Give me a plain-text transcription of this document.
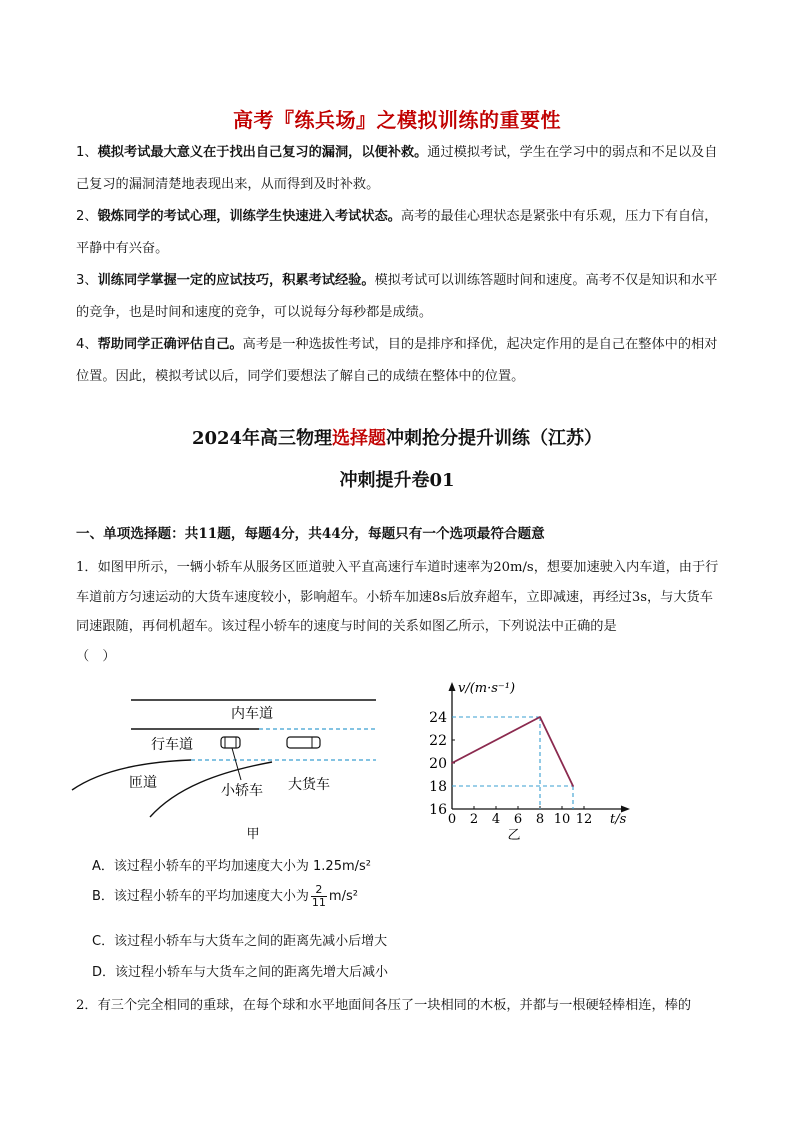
高考『练兵场』之模拟训练的重要性
1、模拟考试最大意义在于找出自己复习的漏洞，以便补救。通过模拟考试，学生在学习中的弱点和不足以及自己复习的漏洞清楚地表现出来，从而得到及时补救。
2、锻炼同学的考试心理，训练学生快速进入考试状态。高考的最佳心理状态是紧张中有乐观，压力下有自信，平静中有兴奋。
3、训练同学掌握一定的应试技巧，积累考试经验。模拟考试可以训练答题时间和速度。高考不仅是知识和水平的竞争，也是时间和速度的竞争，可以说每分每秒都是成绩。
4、帮助同学正确评估自己。高考是一种选拔性考试，目的是排序和择优，起决定作用的是自己在整体中的相对位置。因此，模拟考试以后，同学们要想法了解自己的成绩在整体中的位置。
2024年高三物理选择题冲刺抢分提升训练（江苏）
冲刺提升卷01
一、单项选择题：共11题，每题4分，共44分，每题只有一个选项最符合题意
1．如图甲所示，一辆小轿车从服务区匝道驶入平直高速行车道时速率为20m/s，想要加速驶入内车道，由于行车道前方匀速运动的大货车速度较小，影响超车。小轿车加速8s后放弃超车，立即减速，再经过3s，与大货车同速跟随，再伺机超车。该过程小轿车的速度与时间的关系如图乙所示，下列说法中正确的是
（　）
内车道
行车道
匝道	小轿车 大货车
甲
0 2 4 6 8 10 12
16
18
20
22
24
v/(m·s⁻¹)
t/s
乙
A．该过程小轿车的平均加速度大小为 1.25m/s²
B．该过程小轿车的平均加速度大小为 $\frac{2}{11} m/s^2$
C．该过程小轿车与大货车之间的距离先减小后增大
D．该过程小轿车与大货车之间的距离先增大后减小
2．有三个完全相同的重球，在每个球和水平地面间各压了一块相同的木板，并都与一根硬轻棒相连，棒的
